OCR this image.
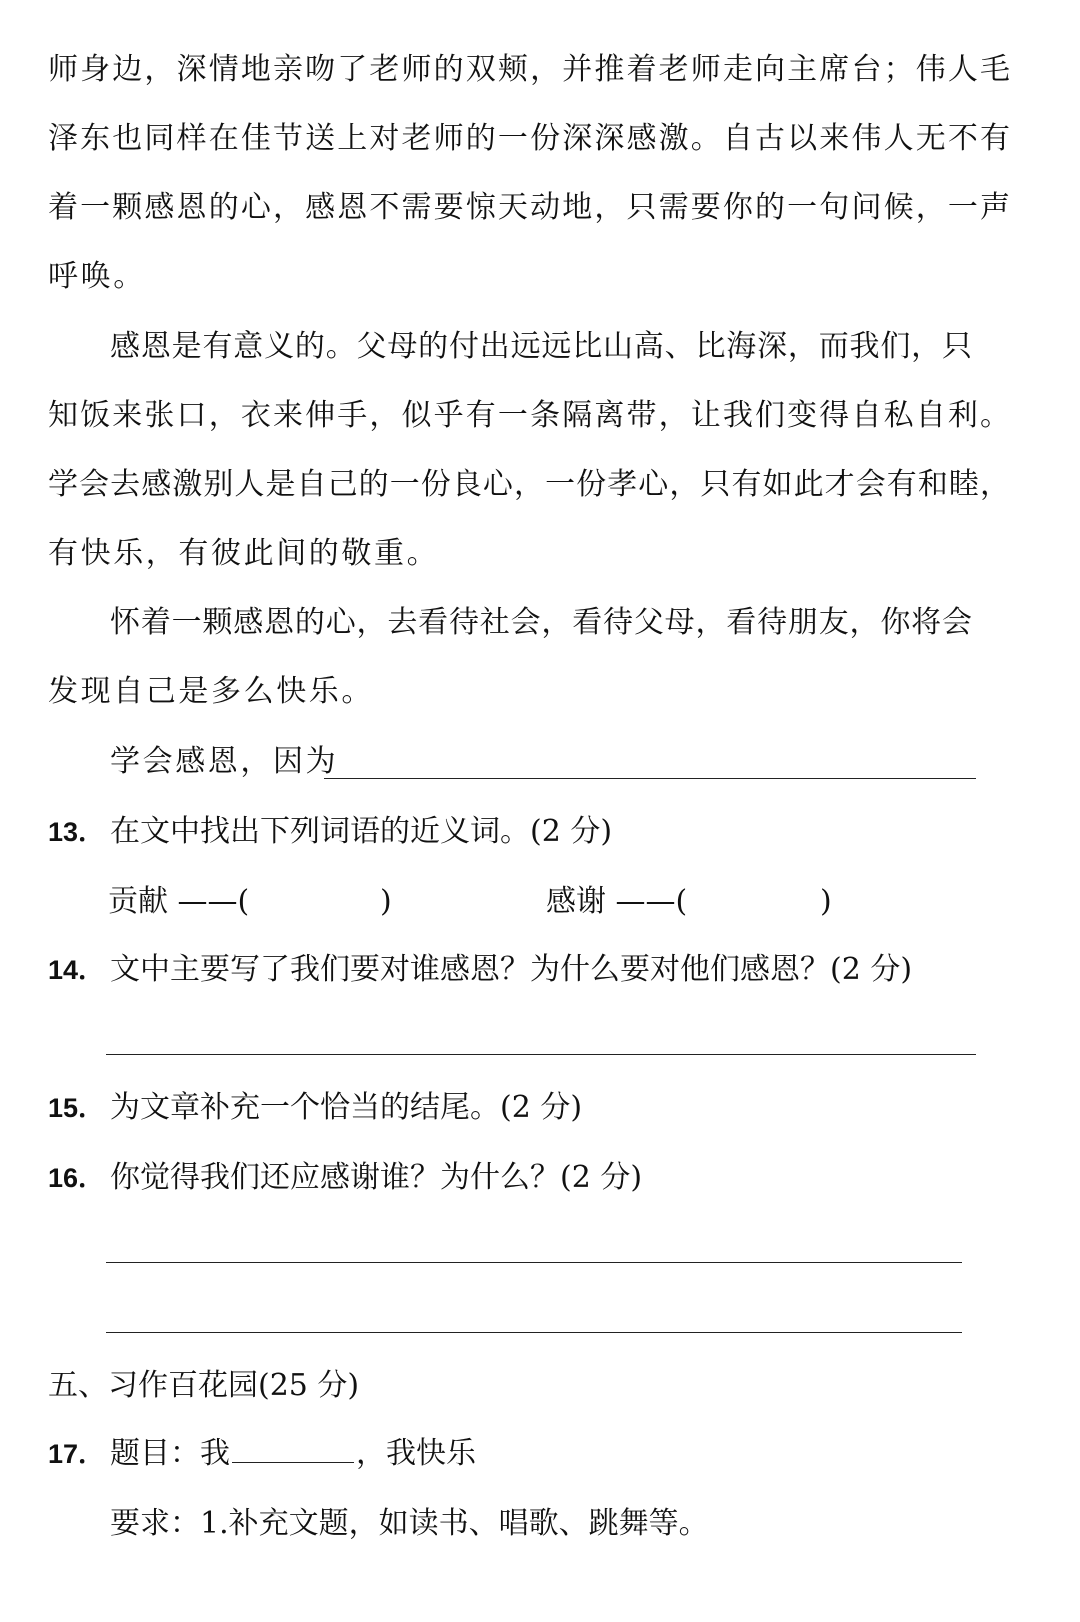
师身边，深情地亲吻了老师的双颊，并推着老师走向主席台；伟人毛
泽东也同样在佳节送上对老师的一份深深感激。自古以来伟人无不有
着一颗感恩的心，感恩不需要惊天动地，只需要你的一句问候，一声
呼唤。
感恩是有意义的。父母的付出远远比山高、比海深，而我们，只
知饭来张口，衣来伸手，似乎有一条隔离带，让我们变得自私自利。
学会去感激别人是自己的一份良心，一份孝心，只有如此才会有和睦，
有快乐，有彼此间的敬重。
怀着一颗感恩的心，去看待社会，看待父母，看待朋友，你将会
发现自己是多么快乐。
学会感恩，因为
13． 在文中找出下列词语的近义词。(2 分)
贡献 ——(	)	感谢 ——(	)
14． 文中主要写了我们要对谁感恩？为什么要对他们感恩？(2 分)
15． 为文章补充一个恰当的结尾。(2 分)
16． 你觉得我们还应感谢谁？为什么？(2 分)
五、习作百花园(25 分)
17． 题目：我	，我快乐
要求：1.补充文题，如读书、唱歌、跳舞等。
